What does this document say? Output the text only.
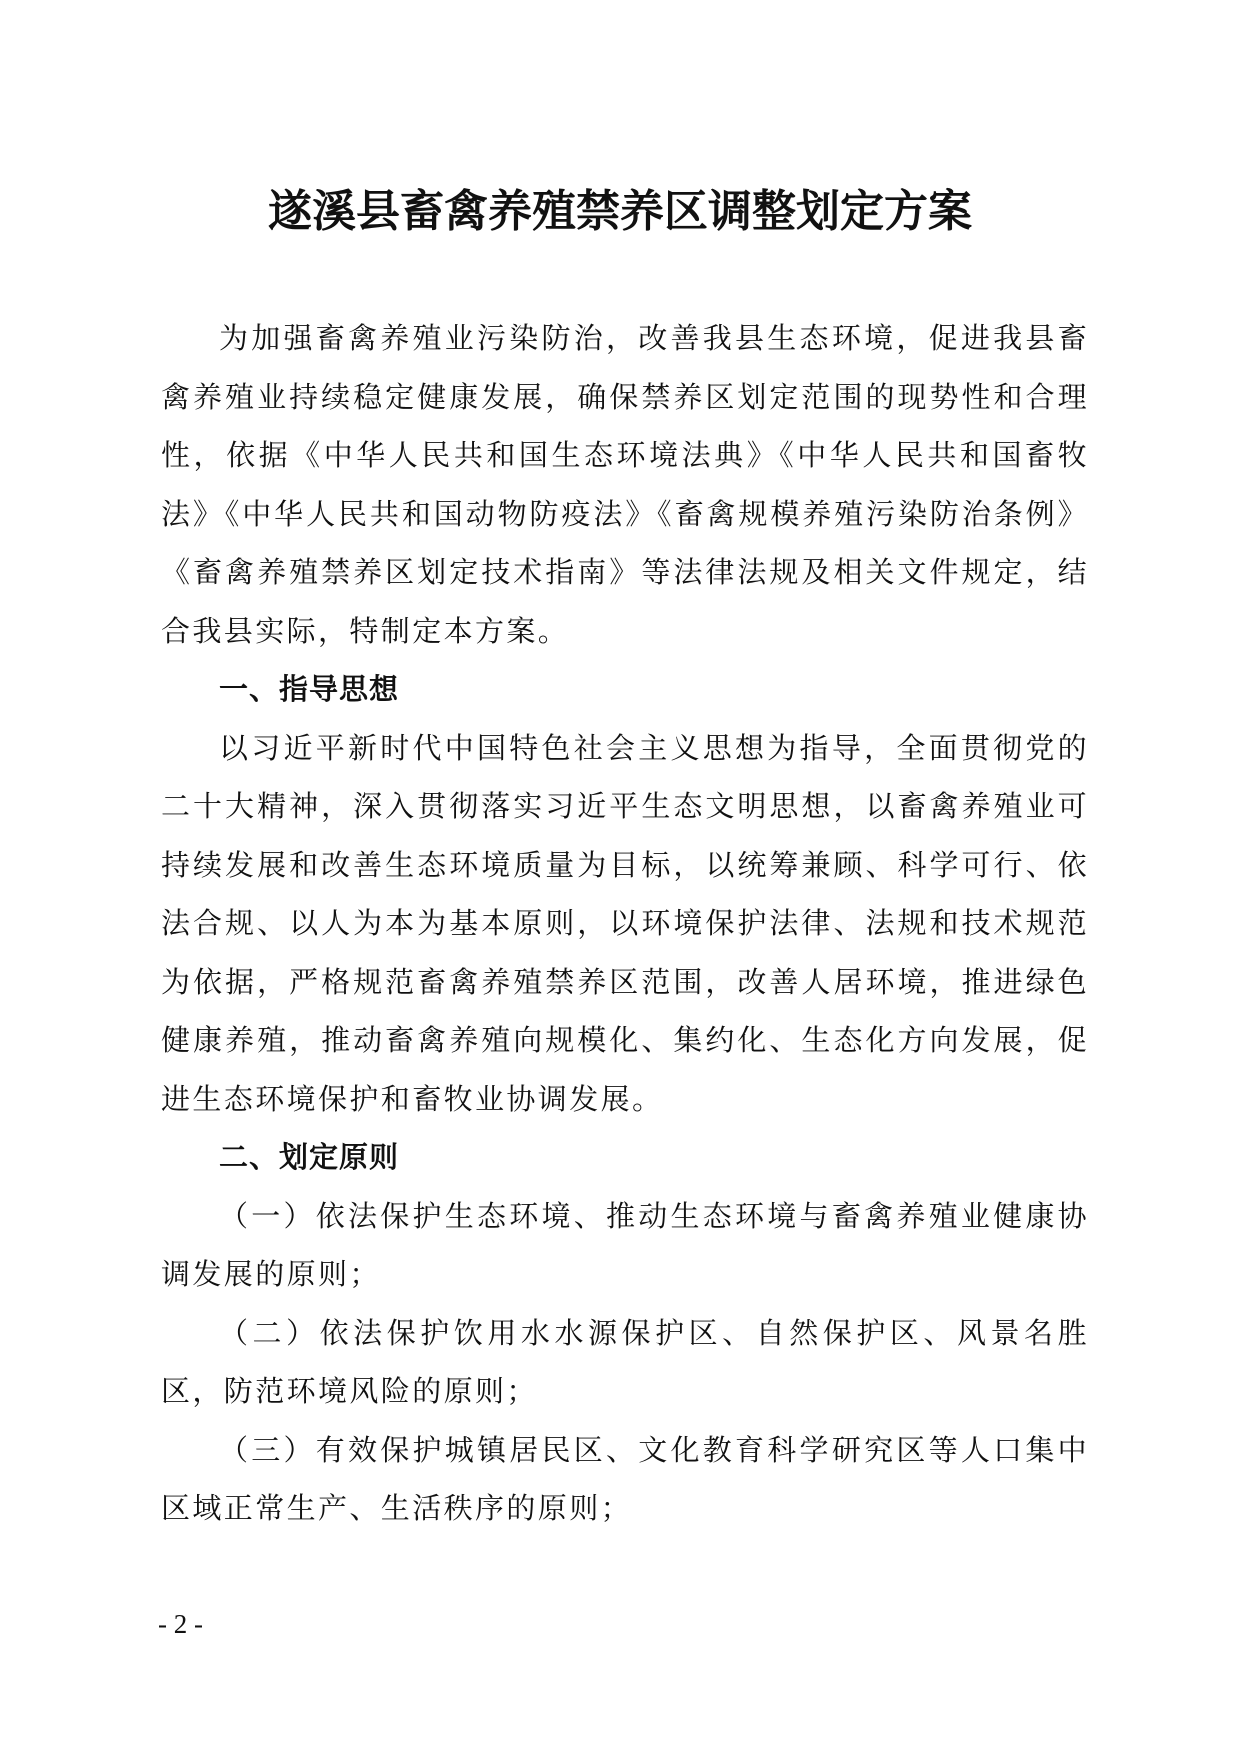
遂溪县畜禽养殖禁养区调整划定方案

为加强畜禽养殖业污染防治，改善我县生态环境，促进我县畜禽养殖业持续稳定健康发展，确保禁养区划定范围的现势性和合理性，依据《中华人民共和国生态环境法典》《中华人民共和国畜牧法》《中华人民共和国动物防疫法》《畜禽规模养殖污染防治条例》《畜禽养殖禁养区划定技术指南》等法律法规及相关文件规定，结合我县实际，特制定本方案。

一、指导思想

以习近平新时代中国特色社会主义思想为指导，全面贯彻党的二十大精神，深入贯彻落实习近平生态文明思想，以畜禽养殖业可持续发展和改善生态环境质量为目标，以统筹兼顾、科学可行、依法合规、以人为本为基本原则，以环境保护法律、法规和技术规范为依据，严格规范畜禽养殖禁养区范围，改善人居环境，推进绿色健康养殖，推动畜禽养殖向规模化、集约化、生态化方向发展，促进生态环境保护和畜牧业协调发展。

二、划定原则

（一）依法保护生态环境、推动生态环境与畜禽养殖业健康协调发展的原则；

（二）依法保护饮用水水源保护区、自然保护区、风景名胜区，防范环境风险的原则；

（三）有效保护城镇居民区、文化教育科学研究区等人口集中区域正常生产、生活秩序的原则；

- 2 -
